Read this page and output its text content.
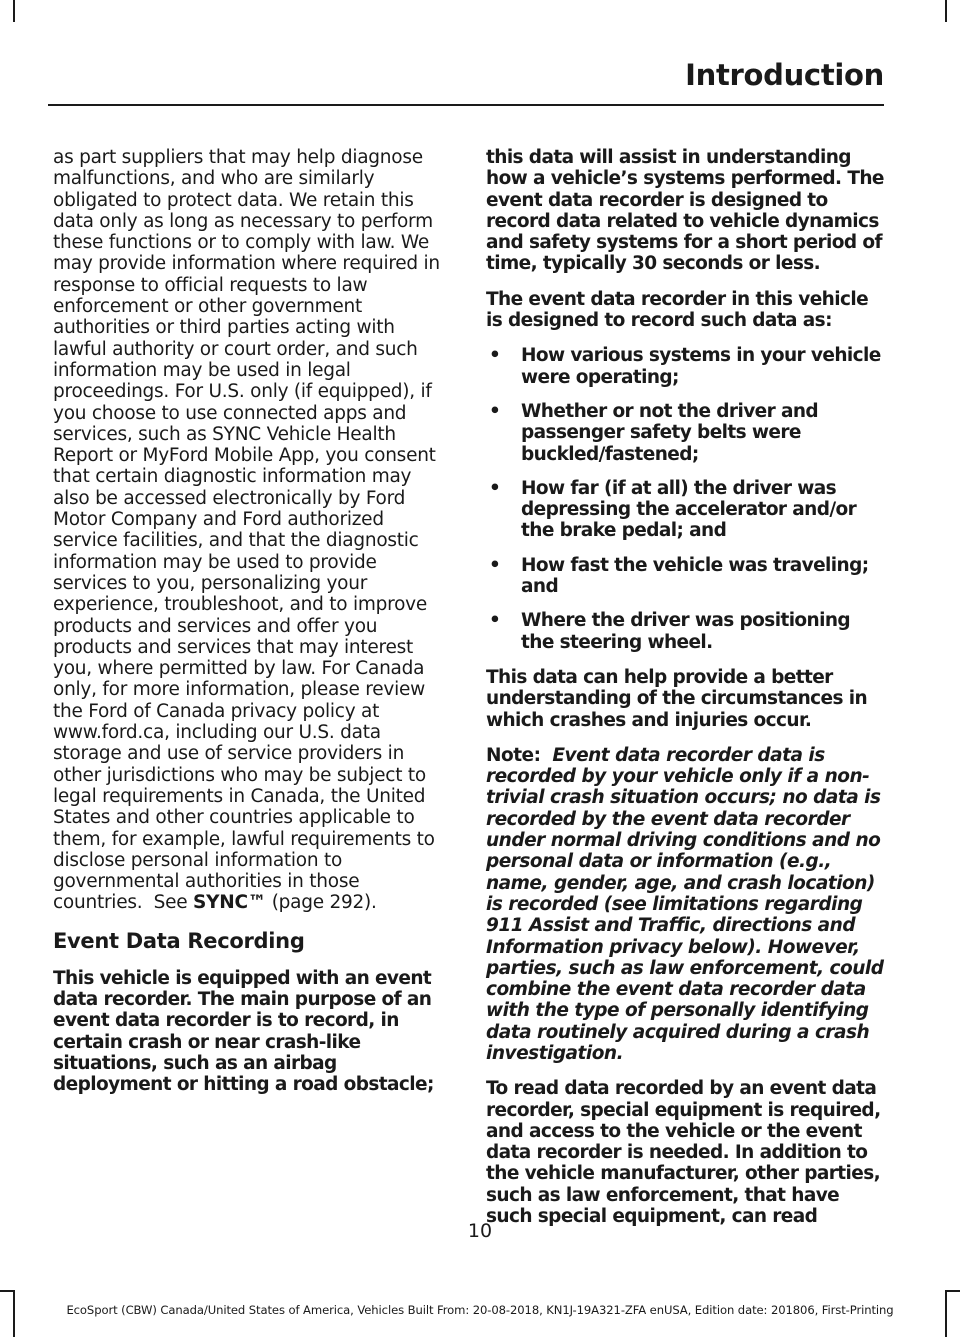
Introduction

as part suppliers that may help diagnose malfunctions, and who are similarly obligated to protect data. We retain this data only as long as necessary to perform these functions or to comply with law. We may provide information where required in response to official requests to law enforcement or other government authorities or third parties acting with lawful authority or court order, and such information may be used in legal proceedings. For U.S. only (if equipped), if you choose to use connected apps and services, such as SYNC Vehicle Health Report or MyFord Mobile App, you consent that certain diagnostic information may also be accessed electronically by Ford Motor Company and Ford authorized service facilities, and that the diagnostic information may be used to provide services to you, personalizing your experience, troubleshoot, and to improve products and services and offer you products and services that may interest you, where permitted by law. For Canada only, for more information, please review the Ford of Canada privacy policy at www.ford.ca, including our U.S. data storage and use of service providers in other jurisdictions who may be subject to legal requirements in Canada, the United States and other countries applicable to them, for example, lawful requirements to disclose personal information to governmental authorities in those countries. See SYNC™ (page 292).

Event Data Recording

This vehicle is equipped with an event data recorder. The main purpose of an event data recorder is to record, in certain crash or near crash-like situations, such as an airbag deployment or hitting a road obstacle;

this data will assist in understanding how a vehicle’s systems performed. The event data recorder is designed to record data related to vehicle dynamics and safety systems for a short period of time, typically 30 seconds or less.

The event data recorder in this vehicle is designed to record such data as:

• How various systems in your vehicle were operating;
• Whether or not the driver and passenger safety belts were buckled/fastened;
• How far (if at all) the driver was depressing the accelerator and/or the brake pedal; and
• How fast the vehicle was traveling; and
• Where the driver was positioning the steering wheel.

This data can help provide a better understanding of the circumstances in which crashes and injuries occur.

Note: Event data recorder data is recorded by your vehicle only if a non-trivial crash situation occurs; no data is recorded by the event data recorder under normal driving conditions and no personal data or information (e.g., name, gender, age, and crash location) is recorded (see limitations regarding 911 Assist and Traffic, directions and Information privacy below). However, parties, such as law enforcement, could combine the event data recorder data with the type of personally identifying data routinely acquired during a crash investigation.

To read data recorded by an event data recorder, special equipment is required, and access to the vehicle or the event data recorder is needed. In addition to the vehicle manufacturer, other parties, such as law enforcement, that have such special equipment, can read

10

EcoSport (CBW) Canada/United States of America, Vehicles Built From: 20-08-2018, KN1J-19A321-ZFA enUSA, Edition date: 201806, First-Printing
